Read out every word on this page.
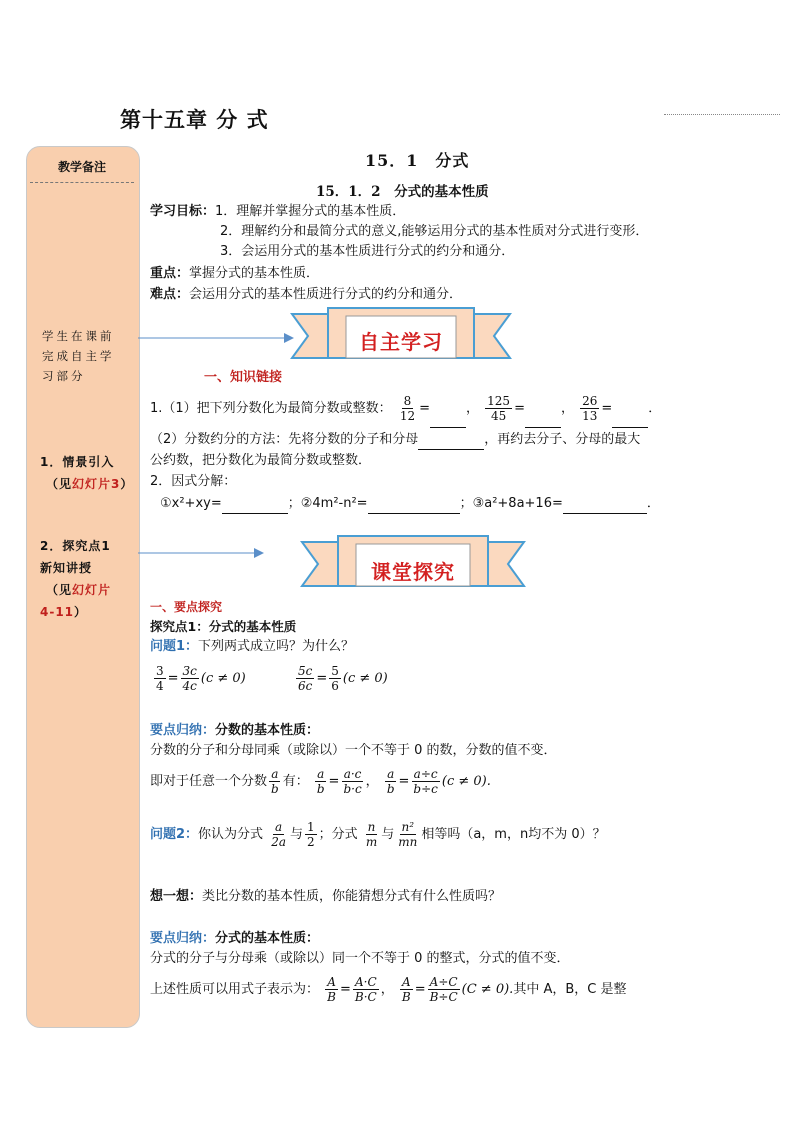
第十五章 分 式
教学备注
学生在课前
完成自主学
习部分
1．情景引入
（见幻灯片3）
2．探究点1
新知讲授
（见幻灯片
4-11）
15．1　分式
15．1．2　分式的基本性质
学习目标：1．理解并掌握分式的基本性质．
2．理解约分和最简分式的意义,能够运用分式的基本性质对分式进行变形．
3．会运用分式的基本性质进行分式的约分和通分．
重点：掌握分式的基本性质．
难点：会运用分式的基本性质进行分式的约分和通分．
自主学习
一、知识链接
1.（1）把下列分数化为最简分数或整数： $\frac{8}{12}$ =	， $\frac{125}{45}$ =	， $\frac{26}{13}$ =	．
（2）分数约分的方法：先将分数的分子和分母	，再约去分子、分母的最大
公约数，把分数化为最简分数或整数．
2．因式分解：
①x²+xy=	；②4m²-n²=	；③a²+8a+16=	．
课堂探究
一、要点探究
探究点1：分式的基本性质
问题1：下列两式成立吗？为什么？
$\frac{3}{4} = \frac{3c}{4c} (c \ne 0)$	$\frac{5c}{6c} = \frac{5}{6} (c \ne 0)$
要点归纳：分数的基本性质：
分数的分子和分母同乘（或除以）一个不等于 0 的数，分数的值不变．
即对于任意一个分数 $\frac{a}{b}$ 有： $\frac{a}{b} = \frac{a\cdot c}{b\cdot c}$ ， $\frac{a}{b} = \frac{a\div c}{b\div c} (c \ne 0)$.
问题2：你认为分式 $\frac{a}{2a}$ 与 $\frac{1}{2}$ ；分式 $\frac{n}{m}$ 与 $\frac{\text{n²}}{mn}$ 相等吗（a，m，n均不为 0）？
想一想：类比分数的基本性质，你能猜想分式有什么性质吗？
要点归纳：分式的基本性质：
分式的分子与分母乘（或除以）同一个不等于 0 的整式，分式的值不变．
上述性质可以用式子表示为： $\frac{A}{B} = \frac{A\cdot C}{B\cdot C}$ ， $\frac{A}{B} = \frac{A\div C}{B\div C} (C \ne 0)$.其中 A，B，C 是整
